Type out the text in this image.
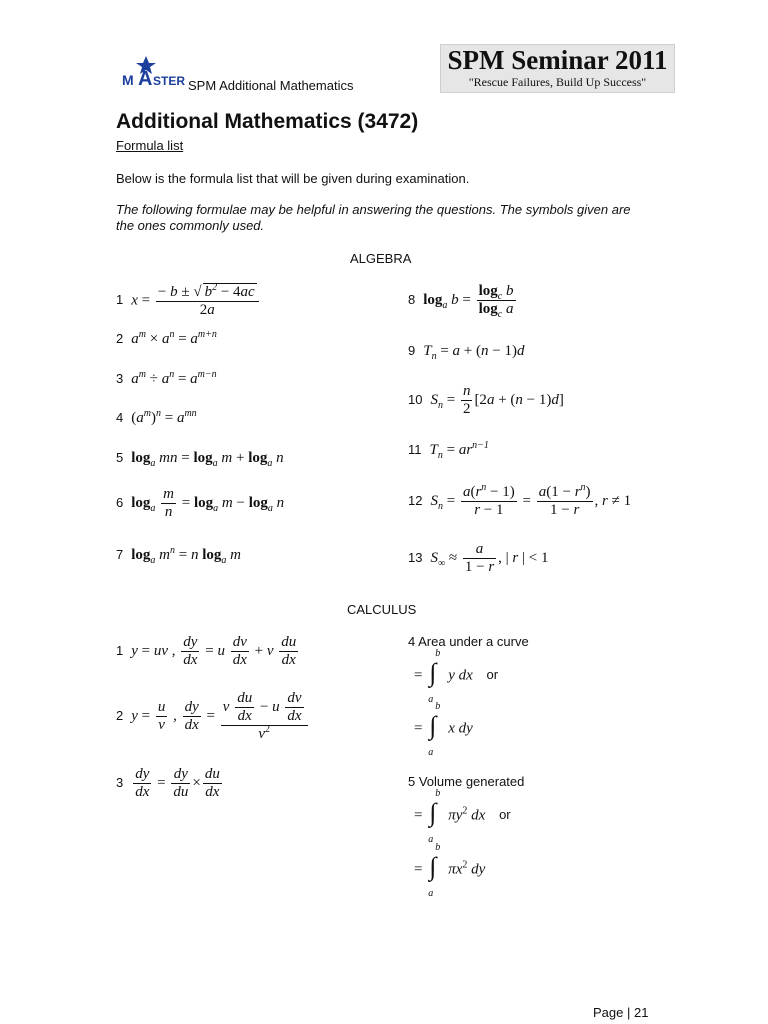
M A STER SPM Additional Mathematics
SPM Seminar 2011
"Rescue Failures, Build Up Success"
Additional Mathematics (3472)
Formula list
Below is the formula list that will be given during examination.
The following formulae may be helpful in answering the questions. The symbols given are the ones commonly used.
ALGEBRA
1 $x = \frac{- b \pm √ b^2 - 4ac}{2a}$
2 $a^m \times a^n = a^{m+n}$
3 $a^m \div a^n = a^{m-n}$
4 $(a^m)^n = a^{mn}$
5 $\log_a$ mn = $\log_a m + \log_a n$
6 $\log_a \frac{m}{n} = \log_a m - \log_a n$
7 $\log_a m^n = n$ $\log_a m$
8 $\log_a b = \frac{\log_c b}{\log_c a}$
9 $T_n = a + (n - 1)d$
10 $S_n = \frac{n}{2} [2a + (n - 1)d]$
11 $T_n = ar^{n-1}$
12 $S_n = \frac{a(r^n - 1)}{r - 1} = \frac{a(1 - r^n)}{1 - r}$ , r ≠ 1
13 $S_\infty \approx \frac{a}{1 - r}$ , | r | < 1
CALCULUS
1 y = uv , $\frac{dy}{dx} = u \frac{dv}{dx} + v \frac{du}{dx}$
2 $y = \frac{u}{v}$ , $\frac{dy}{dx}$ =
v $\frac{du}{dx} - u \frac{dv}{dx}$
$v^2$
$3 \frac{dy}{dx} = \frac{dy}{du} \times \frac{du}{dx}$
4 Area under a curve
= ∫
b
a
y dx or
= ∫
b
a
x dy
5 Volume generated
= ∫
b
a
$\pi y^2$ dx or
= ∫
b
a
$\pi x^2$ dy
Page | 21
